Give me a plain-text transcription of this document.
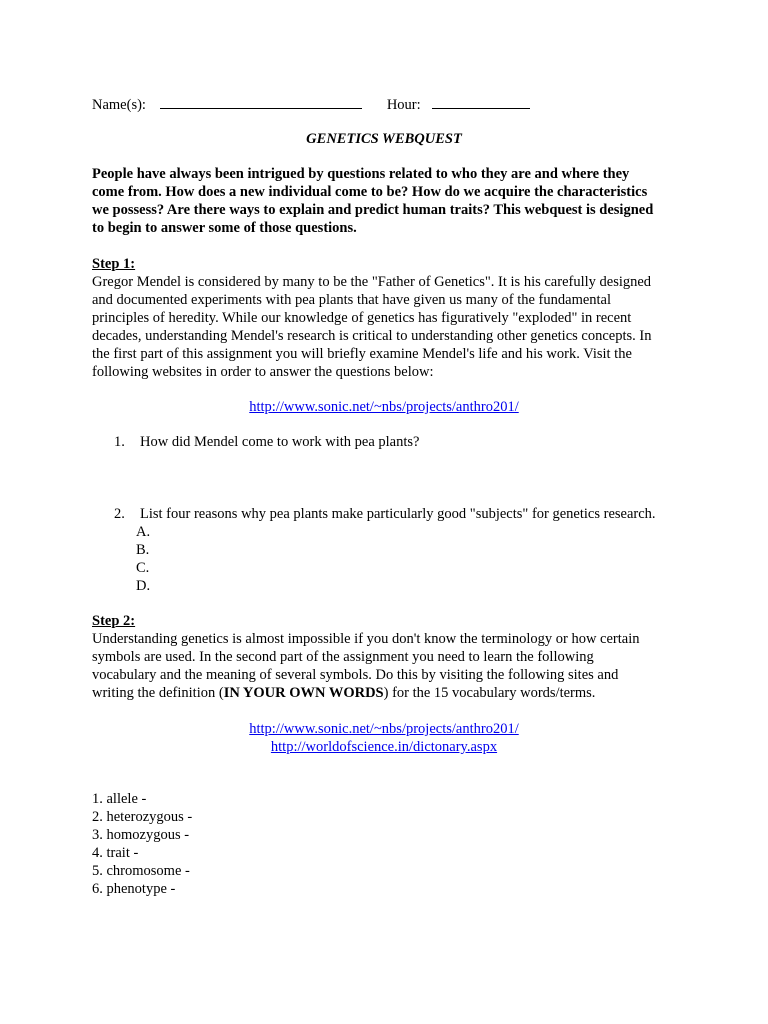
Name(s):	Hour:
GENETICS WEBQUEST
People have always been intrigued by questions related to who they are and where they
come from. How does a new individual come to be? How do we acquire the characteristics
we possess? Are there ways to explain and predict human traits? This webquest is designed
to begin to answer some of those questions.
Step 1:
Gregor Mendel is considered by many to be the "Father of Genetics". It is his carefully designed
and documented experiments with pea plants that have given us many of the fundamental
principles of heredity. While our knowledge of genetics has figuratively "exploded" in recent
decades, understanding Mendel's research is critical to understanding other genetics concepts. In
the first part of this assignment you will briefly examine Mendel's life and his work. Visit the
following websites in order to answer the questions below:
http://www.sonic.net/~nbs/projects/anthro201/
1. How did Mendel come to work with pea plants?
2. List four reasons why pea plants make particularly good "subjects" for genetics research.
A.
B.
C.
D.
Step 2:
Understanding genetics is almost impossible if you don't know the terminology or how certain
symbols are used. In the second part of the assignment you need to learn the following
vocabulary and the meaning of several symbols. Do this by visiting the following sites and
writing the definition (IN YOUR OWN WORDS) for the 15 vocabulary words/terms.
http://www.sonic.net/~nbs/projects/anthro201/
http://worldofscience.in/dictonary.aspx
1. allele -
2. heterozygous -
3. homozygous -
4. trait -
5. chromosome -
6. phenotype -
